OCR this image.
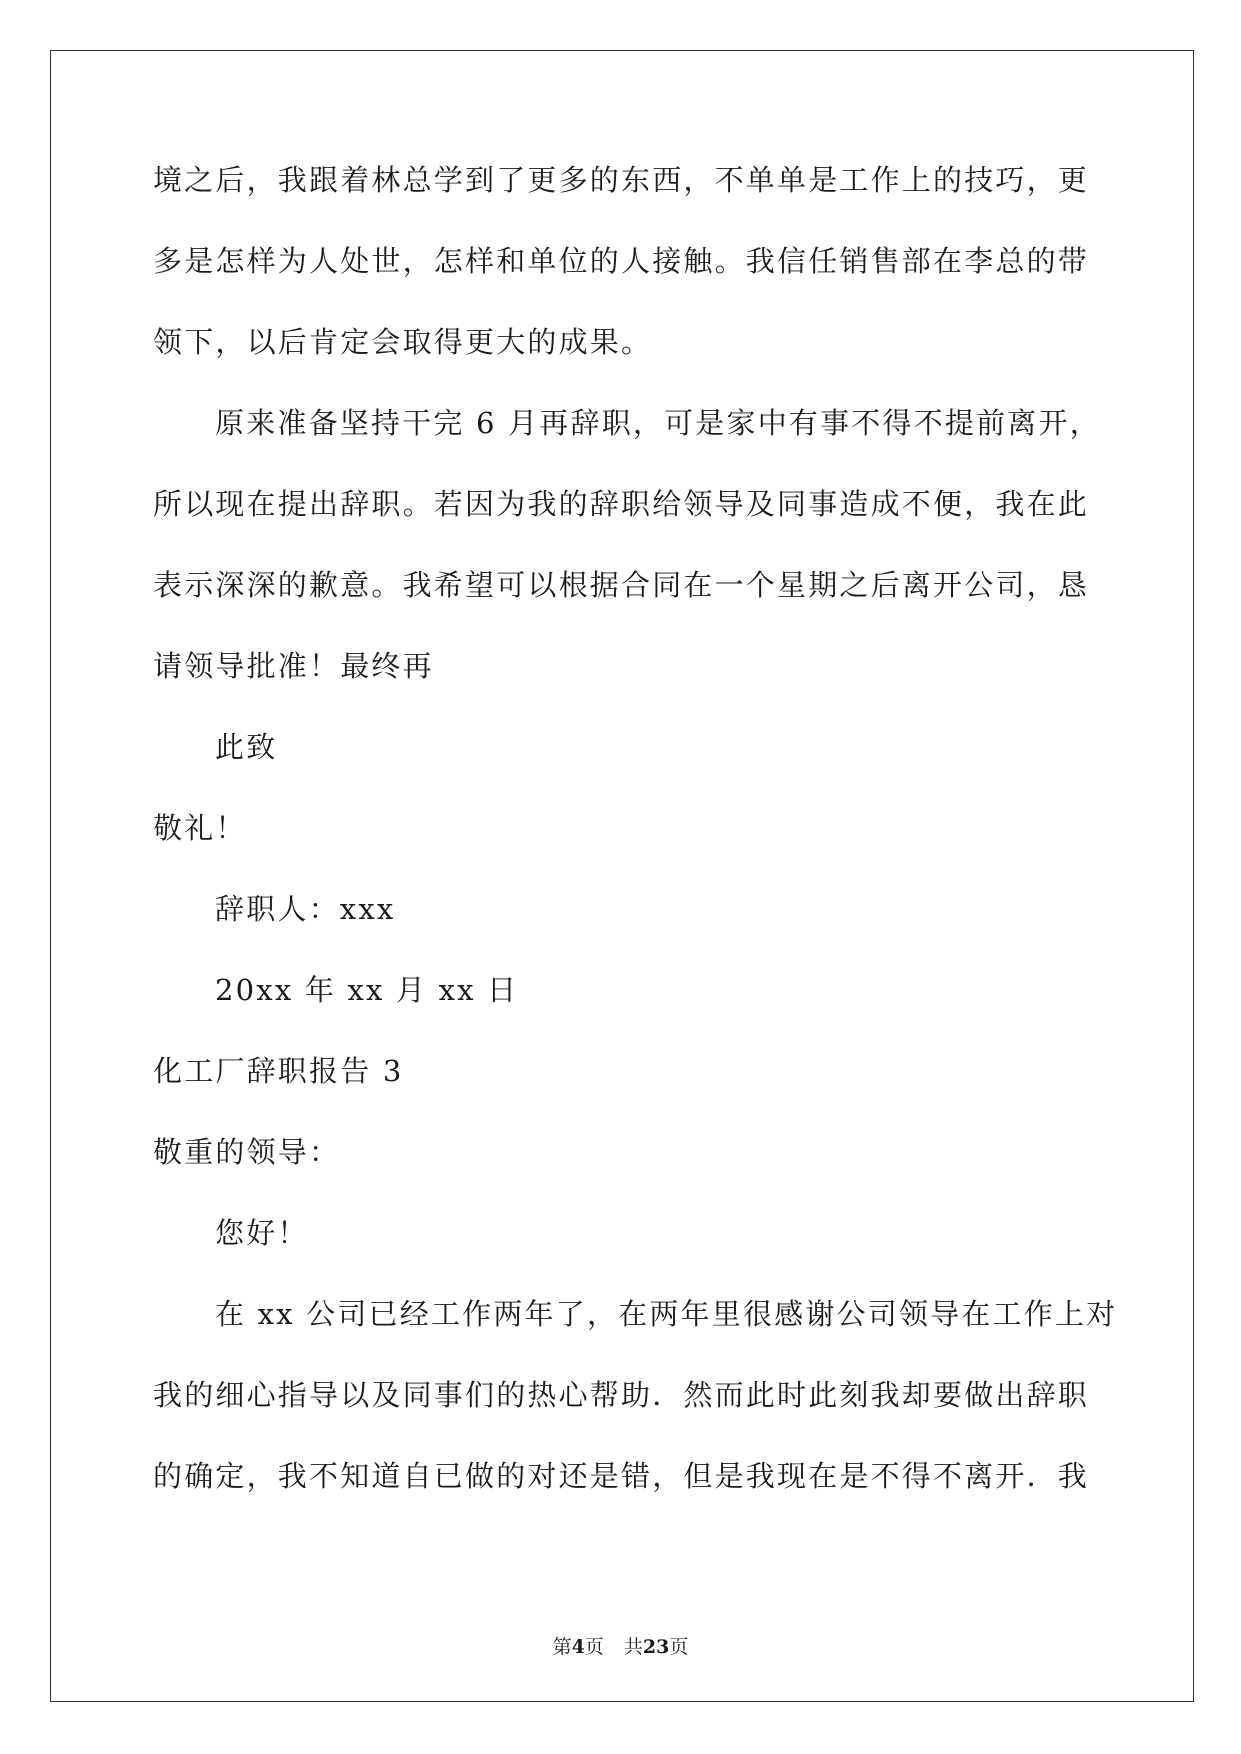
境之后，我跟着林总学到了更多的东西，不单单是工作上的技巧，更
多是怎样为人处世，怎样和单位的人接触。我信任销售部在李总的带
领下，以后肯定会取得更大的成果。
原来准备坚持干完 6 月再辞职，可是家中有事不得不提前离开，
所以现在提出辞职。若因为我的辞职给领导及同事造成不便，我在此
表示深深的歉意。我希望可以根据合同在一个星期之后离开公司，恳
请领导批准！最终再
此致
敬礼！
辞职人：xxx
20xx 年 xx 月 xx 日
化工厂辞职报告 3
敬重的领导：
您好！
在 xx 公司已经工作两年了，在两年里很感谢公司领导在工作上对
我的细心指导以及同事们的热心帮助．然而此时此刻我却要做出辞职
的确定，我不知道自已做的对还是错，但是我现在是不得不离开．我
第4页 共23页
